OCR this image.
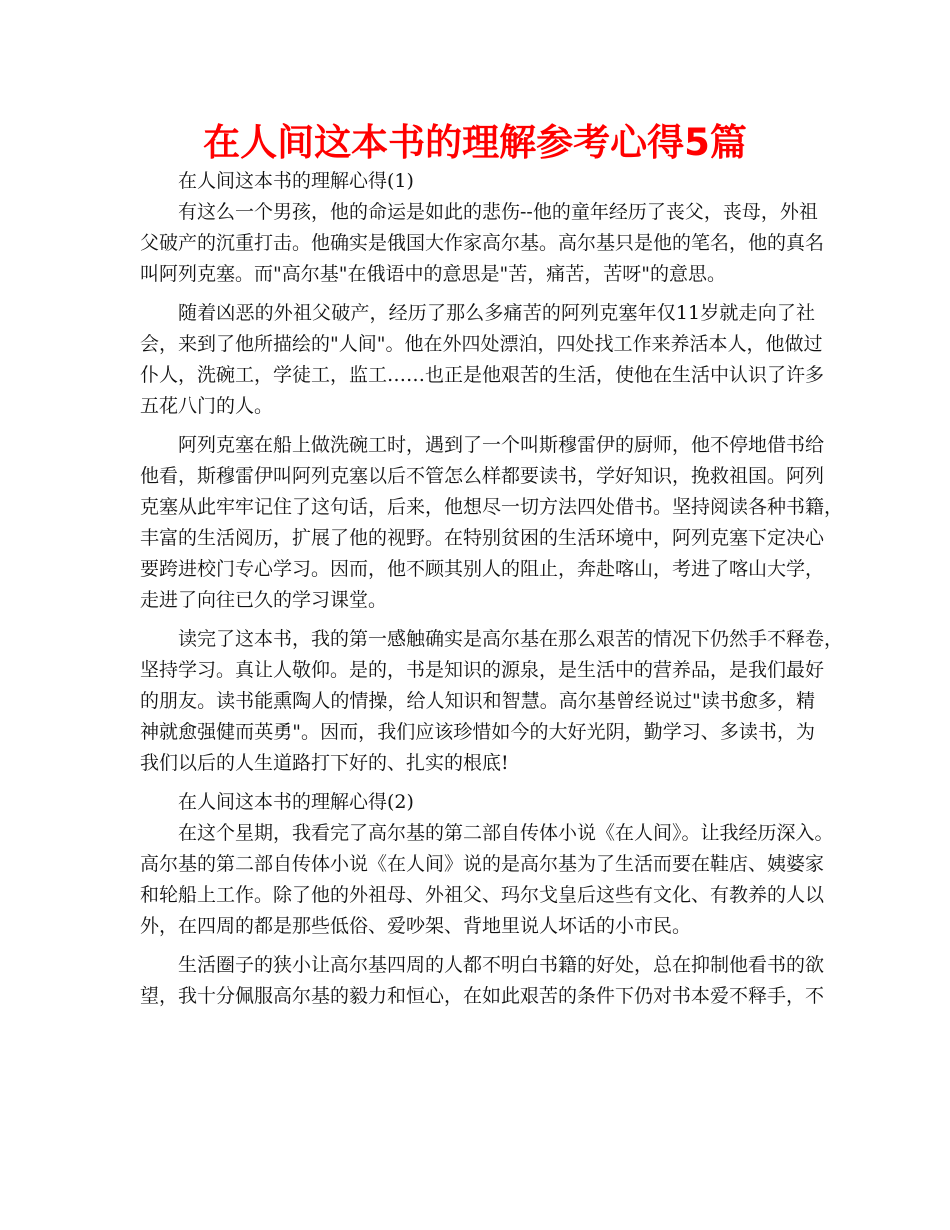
在人间这本书的理解参考心得5篇
在人间这本书的理解心得(1)
有这么一个男孩，他的命运是如此的悲伤--他的童年经历了丧父，丧母，外祖
父破产的沉重打击。他确实是俄国大作家高尔基。高尔基只是他的笔名，他的真名
叫阿列克塞。而"高尔基"在俄语中的意思是"苦，痛苦，苦呀"的意思。
随着凶恶的外祖父破产，经历了那么多痛苦的阿列克塞年仅11岁就走向了社
会，来到了他所描绘的"人间"。他在外四处漂泊，四处找工作来养活本人，他做过
仆人，洗碗工，学徒工，监工……也正是他艰苦的生活，使他在生活中认识了许多
五花八门的人。
阿列克塞在船上做洗碗工时，遇到了一个叫斯穆雷伊的厨师，他不停地借书给
他看，斯穆雷伊叫阿列克塞以后不管怎么样都要读书，学好知识，挽救祖国。阿列
克塞从此牢牢记住了这句话，后来，他想尽一切方法四处借书。坚持阅读各种书籍，
丰富的生活阅历，扩展了他的视野。在特别贫困的生活环境中，阿列克塞下定决心
要跨进校门专心学习。因而，他不顾其别人的阻止，奔赴喀山，考进了喀山大学，
走进了向往已久的学习课堂。
读完了这本书，我的第一感触确实是高尔基在那么艰苦的情况下仍然手不释卷，
坚持学习。真让人敬仰。是的，书是知识的源泉，是生活中的营养品，是我们最好
的朋友。读书能熏陶人的情操，给人知识和智慧。高尔基曾经说过"读书愈多，精
神就愈强健而英勇"。因而，我们应该珍惜如今的大好光阴，勤学习、多读书，为
我们以后的人生道路打下好的、扎实的根底!
在人间这本书的理解心得(2)
在这个星期，我看完了高尔基的第二部自传体小说《在人间》。让我经历深入。
高尔基的第二部自传体小说《在人间》说的是高尔基为了生活而要在鞋店、姨婆家
和轮船上工作。除了他的外祖母、外祖父、玛尔戈皇后这些有文化、有教养的人以
外，在四周的都是那些低俗、爱吵架、背地里说人坏话的小市民。
生活圈子的狭小让高尔基四周的人都不明白书籍的好处，总在抑制他看书的欲
望，我十分佩服高尔基的毅力和恒心，在如此艰苦的条件下仍对书本爱不释手，不
